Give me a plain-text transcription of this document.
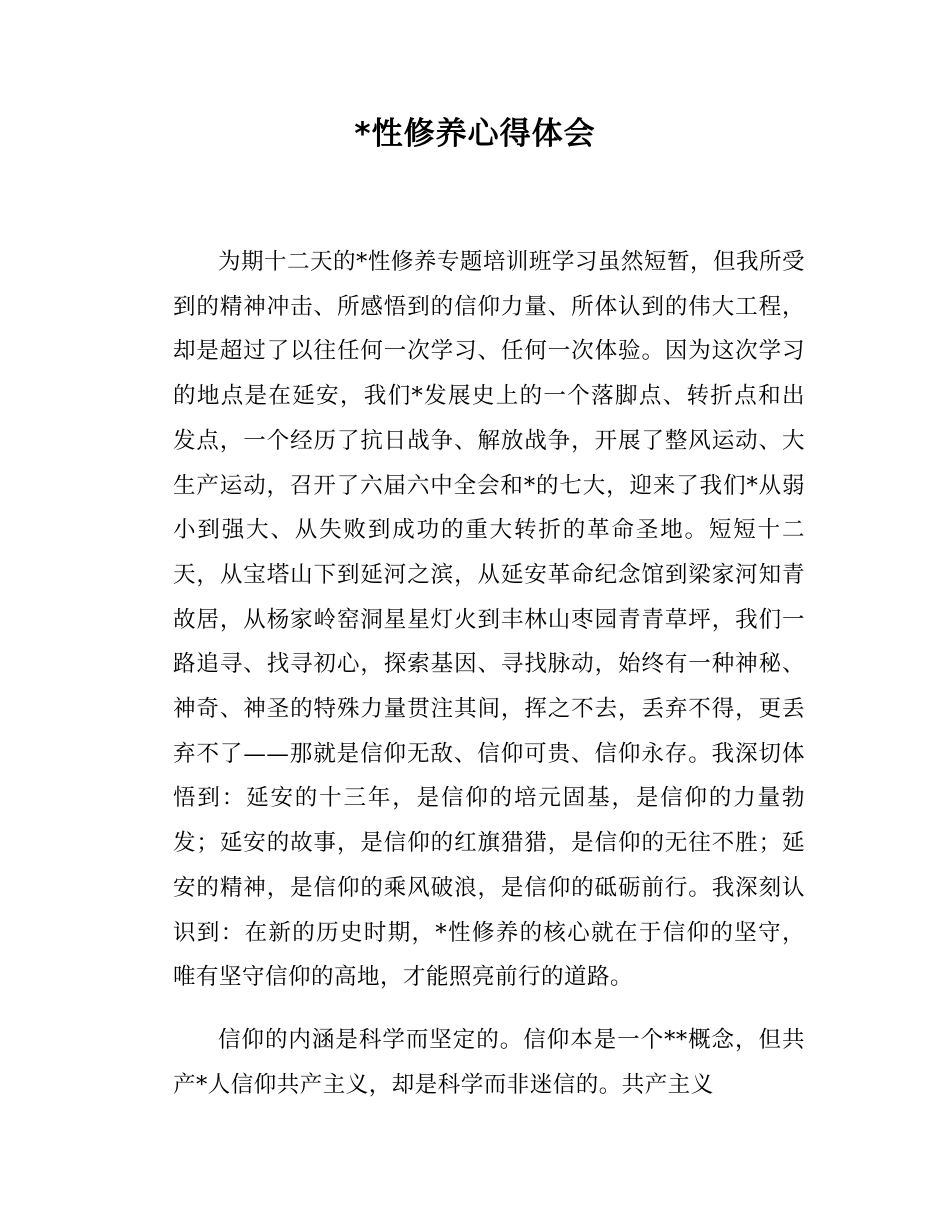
*性修养心得体会

为期十二天的*性修养专题培训班学习虽然短暂，但我所受到的精神冲击、所感悟到的信仰力量、所体认到的伟大工程，却是超过了以往任何一次学习、任何一次体验。因为这次学习的地点是在延安，我们*发展史上的一个落脚点、转折点和出发点，一个经历了抗日战争、解放战争，开展了整风运动、大生产运动，召开了六届六中全会和*的七大，迎来了我们*从弱小到强大、从失败到成功的重大转折的革命圣地。短短十二天，从宝塔山下到延河之滨，从延安革命纪念馆到梁家河知青故居，从杨家岭窑洞星星灯火到丰林山枣园青青草坪，我们一路追寻、找寻初心，探索基因、寻找脉动，始终有一种神秘、神奇、神圣的特殊力量贯注其间，挥之不去，丢弃不得，更丢弃不了——那就是信仰无敌、信仰可贵、信仰永存。我深切体悟到：延安的十三年，是信仰的培元固基，是信仰的力量勃发；延安的故事，是信仰的红旗猎猎，是信仰的无往不胜；延安的精神，是信仰的乘风破浪，是信仰的砥砺前行。我深刻认识到：在新的历史时期，*性修养的核心就在于信仰的坚守，唯有坚守信仰的高地，才能照亮前行的道路。

信仰的内涵是科学而坚定的。信仰本是一个**概念，但共产*人信仰共产主义，却是科学而非迷信的。共产主义
